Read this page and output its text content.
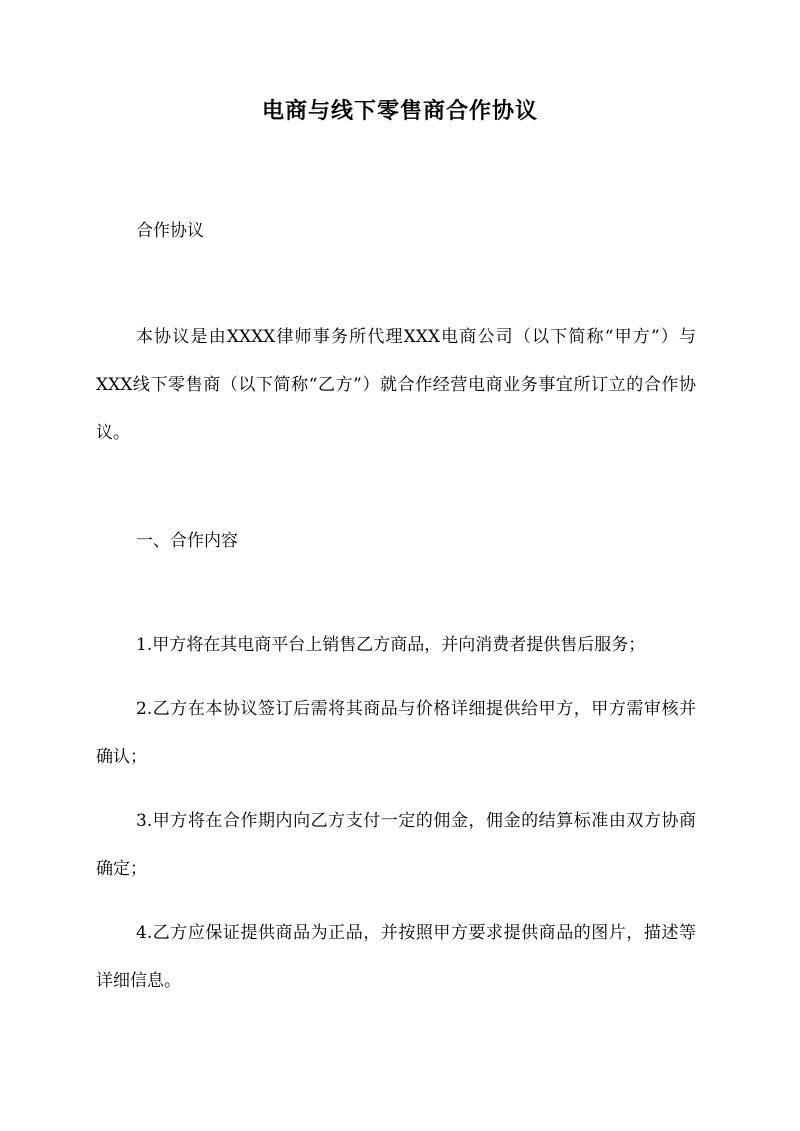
电商与线下零售商合作协议
合作协议
本协议是由XXXX律师事务所代理XXX电商公司（以下简称“甲方”）与XXX线下零售商（以下简称“乙方”）就合作经营电商业务事宜所订立的合作协议。
一、合作内容
1.甲方将在其电商平台上销售乙方商品，并向消费者提供售后服务；
2.乙方在本协议签订后需将其商品与价格详细提供给甲方，甲方需审核并确认；
3.甲方将在合作期内向乙方支付一定的佣金，佣金的结算标准由双方协商确定；
4.乙方应保证提供商品为正品，并按照甲方要求提供商品的图片，描述等详细信息。
